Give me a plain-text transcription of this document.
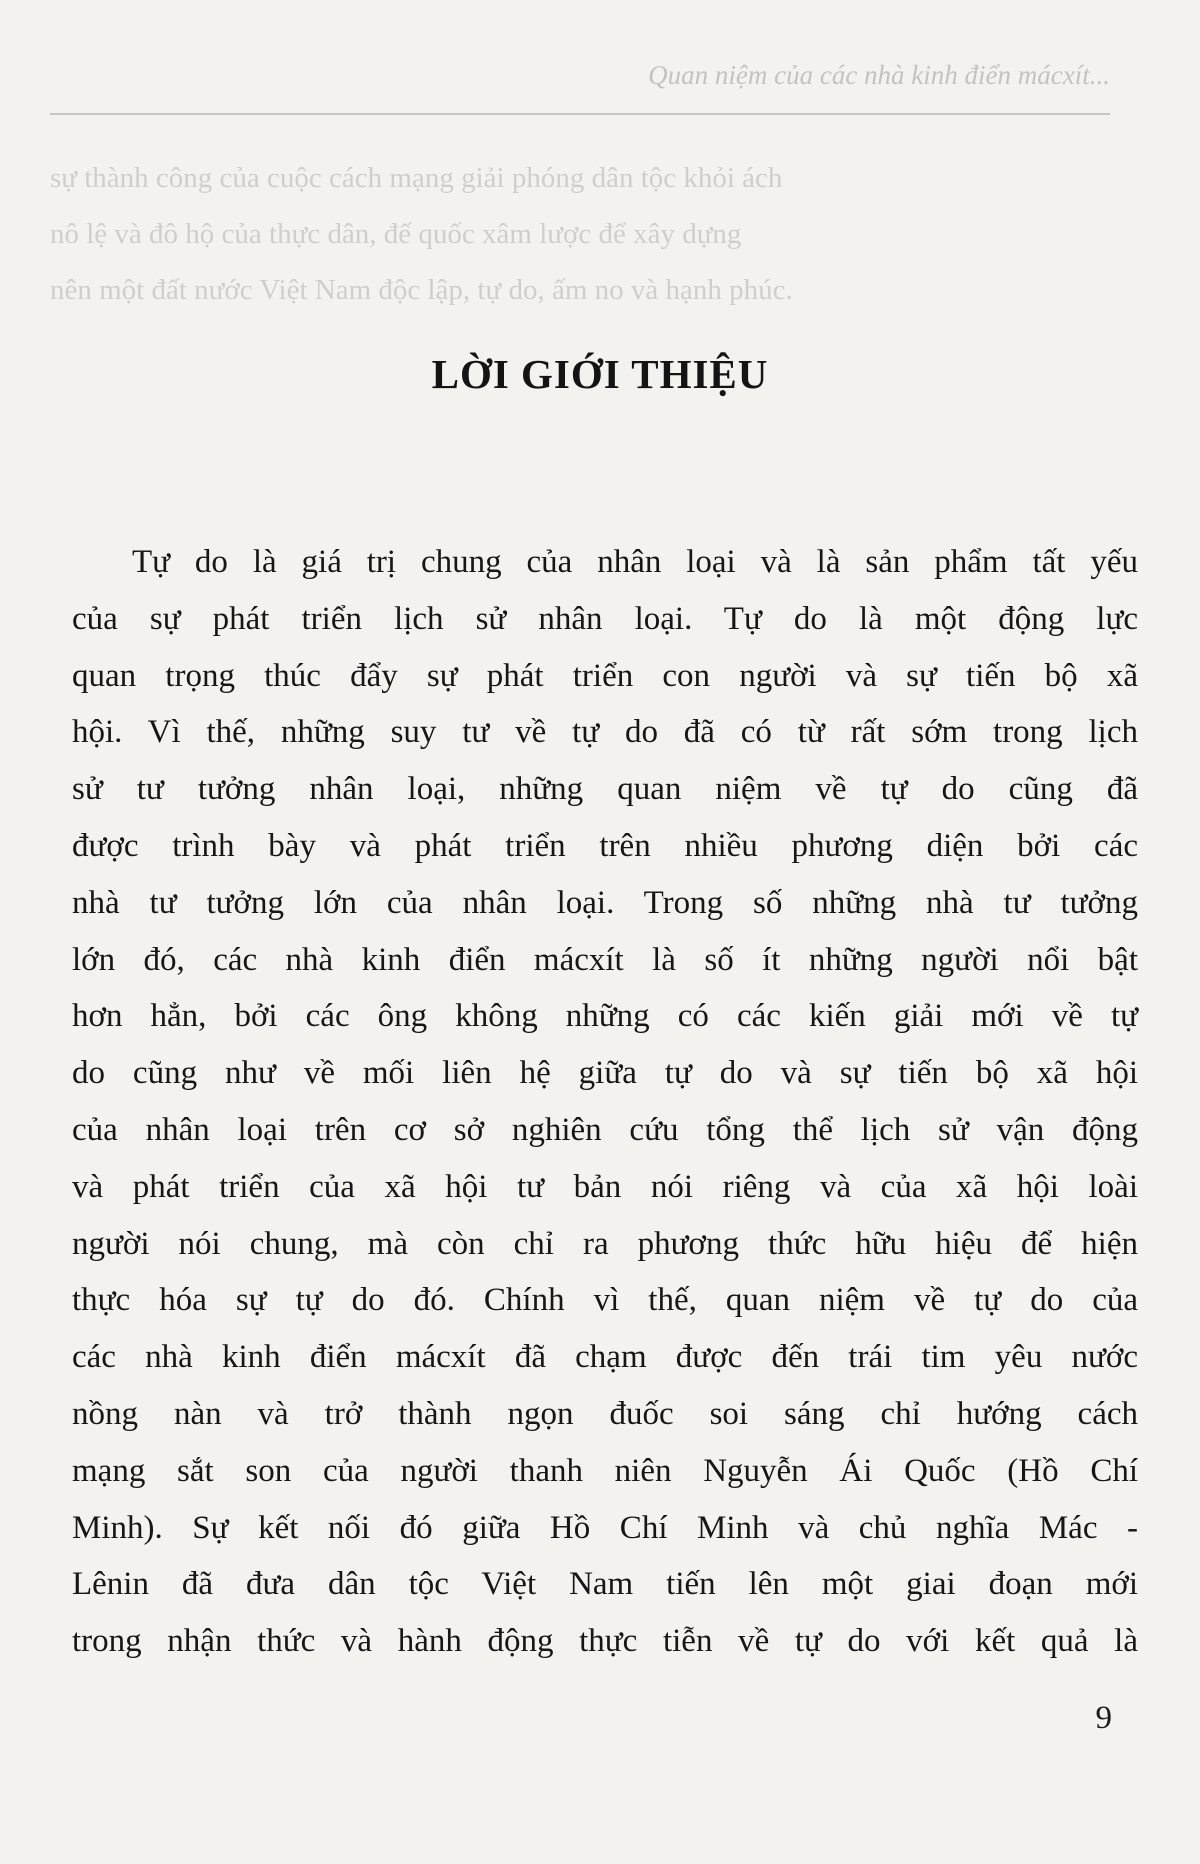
Quan niệm của các nhà kinh điển mácxít...
sự thành công của cuộc cách mạng giải phóng dân tộc khỏi ách
nô lệ và đô hộ của thực dân, đế quốc xâm lược để xây dựng
nên một đất nước Việt Nam độc lập, tự do, ấm no và hạnh phúc.
LỜI GIỚI THIỆU
Tự do là giá trị chung của nhân loại và là sản phẩm tất yếu
của sự phát triển lịch sử nhân loại. Tự do là một động lực
quan trọng thúc đẩy sự phát triển con người và sự tiến bộ xã
hội. Vì thế, những suy tư về tự do đã có từ rất sớm trong lịch
sử tư tưởng nhân loại, những quan niệm về tự do cũng đã
được trình bày và phát triển trên nhiều phương diện bởi các
nhà tư tưởng lớn của nhân loại. Trong số những nhà tư tưởng
lớn đó, các nhà kinh điển mácxít là số ít những người nổi bật
hơn hẳn, bởi các ông không những có các kiến giải mới về tự
do cũng như về mối liên hệ giữa tự do và sự tiến bộ xã hội
của nhân loại trên cơ sở nghiên cứu tổng thể lịch sử vận động
và phát triển của xã hội tư bản nói riêng và của xã hội loài
người nói chung, mà còn chỉ ra phương thức hữu hiệu để hiện
thực hóa sự tự do đó. Chính vì thế, quan niệm về tự do của
các nhà kinh điển mácxít đã chạm được đến trái tim yêu nước
nồng nàn và trở thành ngọn đuốc soi sáng chỉ hướng cách
mạng sắt son của người thanh niên Nguyễn Ái Quốc (Hồ Chí
Minh). Sự kết nối đó giữa Hồ Chí Minh và chủ nghĩa Mác -
Lênin đã đưa dân tộc Việt Nam tiến lên một giai đoạn mới
trong nhận thức và hành động thực tiễn về tự do với kết quả là
9
